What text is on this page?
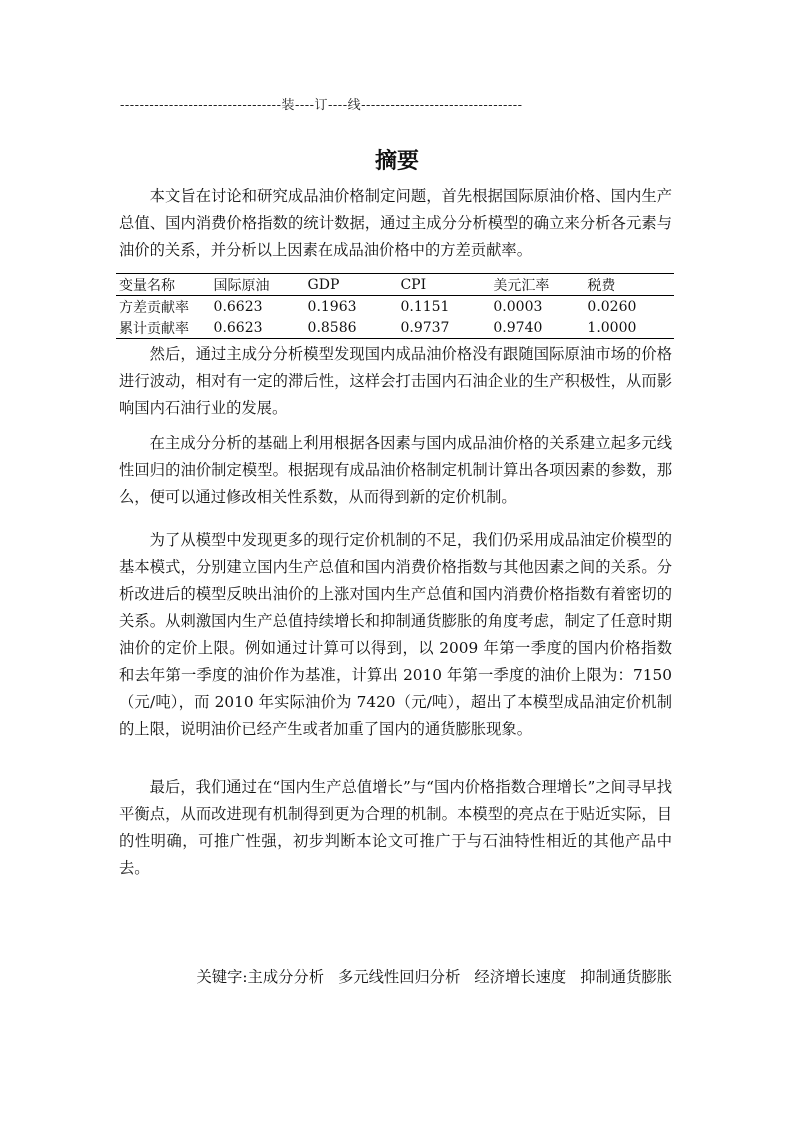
---------------------------------装----订----线---------------------------------
摘要

本文旨在讨论和研究成品油价格制定问题，首先根据国际原油价格、国内生产总值、国内消费价格指数的统计数据，通过主成分分析模型的确立来分析各元素与油价的关系，并分析以上因素在成品油价格中的方差贡献率。

变量名称	国际原油	GDP	CPI	美元汇率	税费
方差贡献率	0.6623	0.1963	0.1151	0.0003	0.0260
累计贡献率	0.6623	0.8586	0.9737	0.9740	1.0000

然后，通过主成分分析模型发现国内成品油价格没有跟随国际原油市场的价格进行波动，相对有一定的滞后性，这样会打击国内石油企业的生产积极性，从而影响国内石油行业的发展。

在主成分分析的基础上利用根据各因素与国内成品油价格的关系建立起多元线性回归的油价制定模型。根据现有成品油价格制定机制计算出各项因素的参数，那么，便可以通过修改相关性系数，从而得到新的定价机制。

为了从模型中发现更多的现行定价机制的不足，我们仍采用成品油定价模型的基本模式，分别建立国内生产总值和国内消费价格指数与其他因素之间的关系。分析改进后的模型反映出油价的上涨对国内生产总值和国内消费价格指数有着密切的关系。从刺激国内生产总值持续增长和抑制通货膨胀的角度考虑，制定了任意时期油价的定价上限。例如通过计算可以得到，以 2009 年第一季度的国内价格指数和去年第一季度的油价作为基准，计算出 2010 年第一季度的油价上限为：7150（元/吨），而 2010 年实际油价为 7420（元/吨），超出了本模型成品油定价机制的上限，说明油价已经产生或者加重了国内的通货膨胀现象。

最后，我们通过在“国内生产总值增长”与“国内价格指数合理增长”之间寻早找平衡点，从而改进现有机制得到更为合理的机制。本模型的亮点在于贴近实际，目的性明确，可推广性强，初步判断本论文可推广于与石油特性相近的其他产品中去。

关键字:主成分分析 多元线性回归分析 经济增长速度 抑制通货膨胀
